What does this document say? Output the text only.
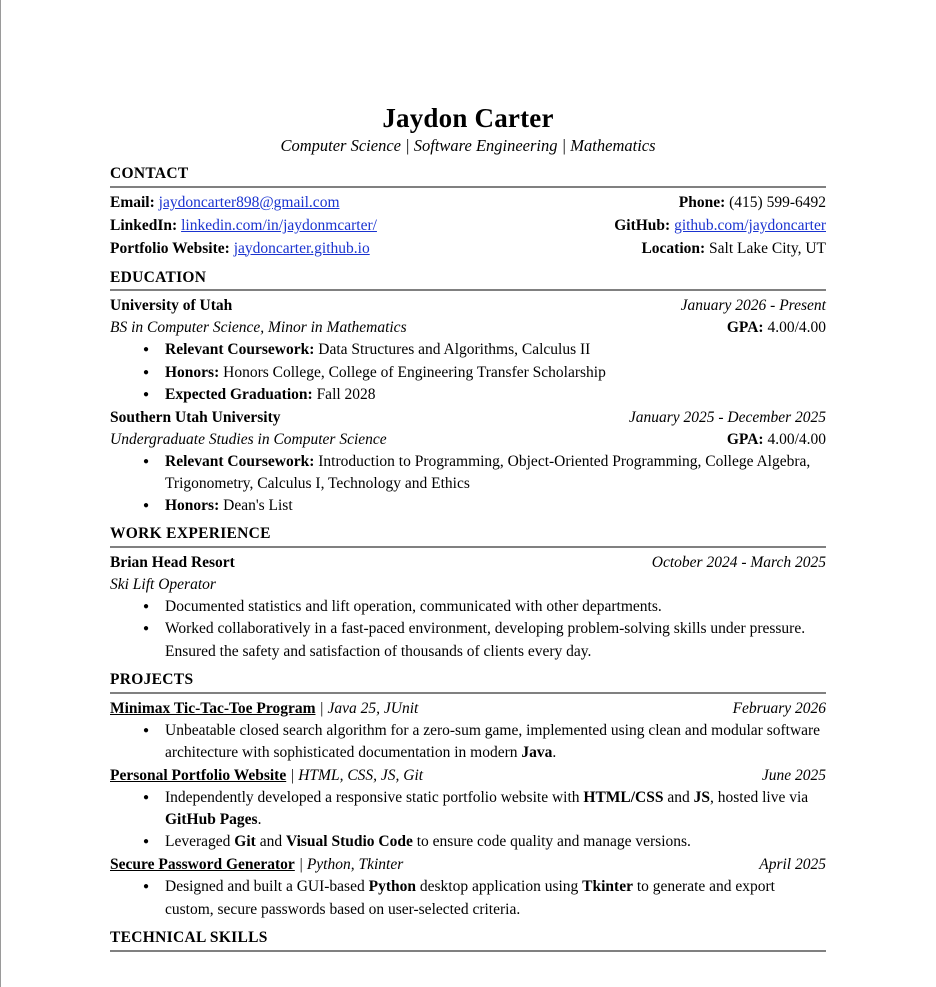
Jaydon Carter
Computer Science | Software Engineering | Mathematics
CONTACT
Email: jaydoncarter898@gmail.com	Phone: (415) 599-6492
LinkedIn: linkedin.com/in/jaydonmcarter/	GitHub: github.com/jaydoncarter
Portfolio Website: jaydoncarter.github.io	Location: Salt Lake City, UT
EDUCATION
University of Utah	January 2026 - Present
BS in Computer Science, Minor in Mathematics	GPA: 4.00/4.00
● Relevant Coursework: Data Structures and Algorithms, Calculus II
● Honors: Honors College, College of Engineering Transfer Scholarship
● Expected Graduation: Fall 2028
Southern Utah University	January 2025 - December 2025
Undergraduate Studies in Computer Science	GPA: 4.00/4.00
● Relevant Coursework: Introduction to Programming, Object-Oriented Programming, College Algebra, Trigonometry, Calculus I, Technology and Ethics
● Honors: Dean's List
WORK EXPERIENCE
Brian Head Resort	October 2024 - March 2025
Ski Lift Operator
● Documented statistics and lift operation, communicated with other departments.
● Worked collaboratively in a fast-paced environment, developing problem-solving skills under pressure. Ensured the safety and satisfaction of thousands of clients every day.
PROJECTS
Minimax Tic-Tac-Toe Program | Java 25, JUnit	February 2026
● Unbeatable closed search algorithm for a zero-sum game, implemented using clean and modular software architecture with sophisticated documentation in modern Java.
Personal Portfolio Website | HTML, CSS, JS, Git	June 2025
● Independently developed a responsive static portfolio website with HTML/CSS and JS, hosted live via GitHub Pages.
● Leveraged Git and Visual Studio Code to ensure code quality and manage versions.
Secure Password Generator | Python, Tkinter	April 2025
● Designed and built a GUI-based Python desktop application using Tkinter to generate and export custom, secure passwords based on user-selected criteria.
TECHNICAL SKILLS
